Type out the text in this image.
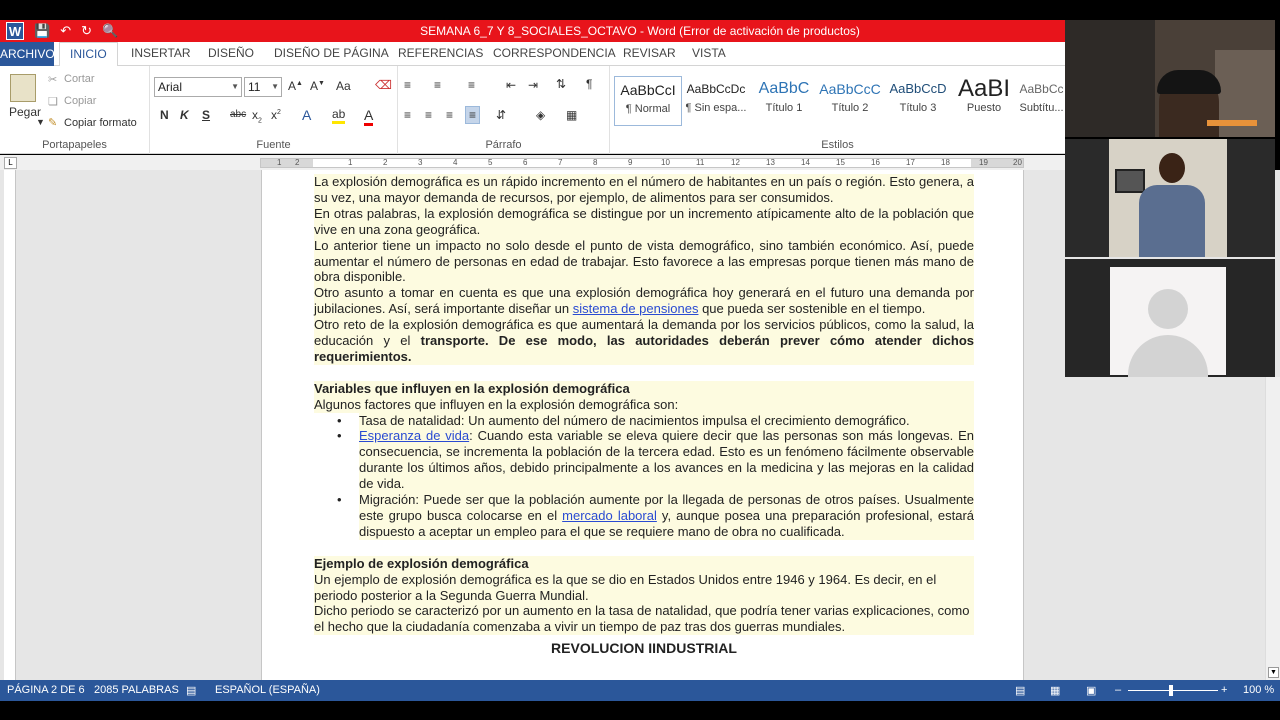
W 💾 ↶ ↻ 🔍	SEMANA 6_7 Y 8_SOCIALES_OCTAVO - Word (Error de activación de productos)
ARCHIVO	INICIO	INSERTAR DISEÑO DISEÑO DE PÁGINA REFERENCIAS CORRESPONDENCIA REVISAR VISTA
Pegar
▼
✂ Cortar
❏ Copiar
✎ Copiar formato
Portapapeles
Arial	▼ 11 ▼ A▲ A▼ Aa ⌫
N K S abc $x_2$ $x^2$ A ab A
Fuente
≡ ≡ ≡	⇤ ⇥ ⇅ ¶
≡ ≡ ≡	≡	⇵ ◈ ▦
Párrafo
AaBbCcI
¶ Normal
AaBbCcDc
¶ Sin espa...
AaBbC
Título 1
AaBbCcC
Título 2
AaBbCcD
Título 3
AaBI
Puesto
AaBbCc
Subtítu...
Estilos
L	1 2	1	2	3	4	5	6	7	8	9	10	11	12	13	14	15	16	17	18	19	20
La explosión demográfica es un rápido incremento en el número de habitantes en un país o región. Esto genera, a su vez, una mayor demanda de recursos, por ejemplo, de alimentos para ser consumidos.
En otras palabras, la explosión demográfica se distingue por un incremento atípicamente alto de la población que vive en una zona geográfica.
Lo anterior tiene un impacto no solo desde el punto de vista demográfico, sino también económico. Así, puede aumentar el número de personas en edad de trabajar. Esto favorece a las empresas porque tienen más mano de obra disponible.
Otro asunto a tomar en cuenta es que una explosión demográfica hoy generará en el futuro una demanda por jubilaciones. Así, será importante diseñar un sistema de pensiones que pueda ser sostenible en el tiempo.
Otro reto de la explosión demográfica es que aumentará la demanda por los servicios públicos, como la salud, la educación y el transporte. De ese modo, las autoridades deberán prever cómo atender dichos requerimientos.
Variables que influyen en la explosión demográfica
Algunos factores que influyen en la explosión demográfica son:
• Tasa de natalidad: Un aumento del número de nacimientos impulsa el crecimiento demográfico.
• Esperanza de vida: Cuando esta variable se eleva quiere decir que las personas son más longevas. En consecuencia, se incrementa la población de la tercera edad. Esto es un fenómeno fácilmente observable durante los últimos años, debido principalmente a los avances en la medicina y las mejoras en la calidad de vida.
• Migración: Puede ser que la población aumente por la llegada de personas de otros países. Usualmente este grupo busca colocarse en el mercado laboral y, aunque posea una preparación profesional, estará dispuesto a aceptar un empleo para el que se requiere mano de obra no cualificada.
Ejemplo de explosión demográfica
Un ejemplo de explosión demográfica es la que se dio en Estados Unidos entre 1946 y 1964. Es decir, en el periodo posterior a la Segunda Guerra Mundial.
Dicho periodo se caracterizó por un aumento en la tasa de natalidad, que podría tener varias explicaciones, como el hecho que la ciudadanía comenzaba a vivir un tiempo de paz tras dos guerras mundiales.
REVOLUCION IINDUSTRIAL
▼
PÁGINA 2 DE 6 2085 PALABRAS ▤ ESPAÑOL (ESPAÑA)	▤ ▦ ▣ –	+ 100 %
